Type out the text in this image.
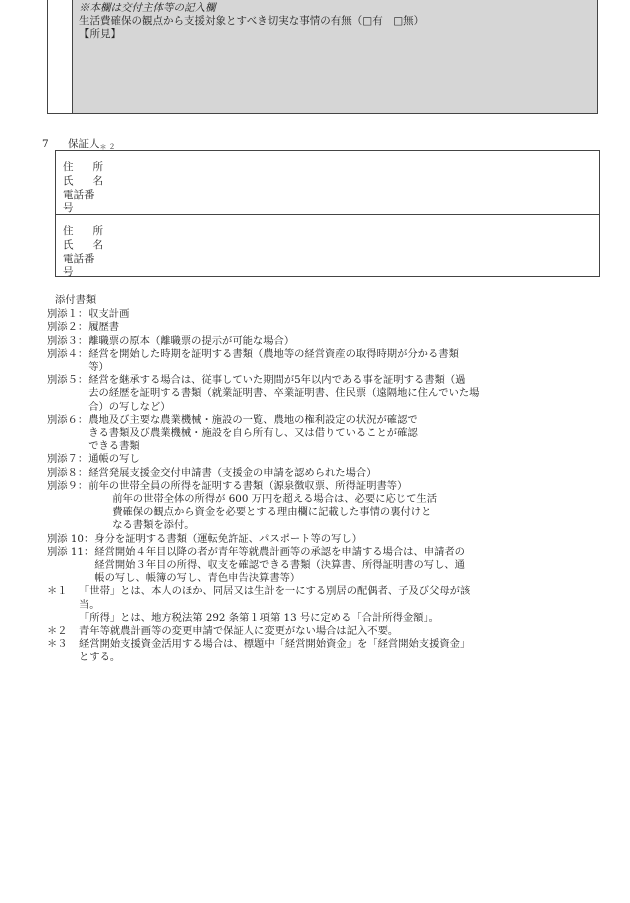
※本欄は交付主体等の記入欄
生活費確保の観点から支援対象とすべき切実な事情の有無（□有　□無）
【所見】
7 保証人$_{*2}$
住所
氏名
電話番号
住所
氏名
電話番号
添付書類
別添１： 収支計画
別添２： 履歴書
別添３： 離職票の原本（離職票の提示が可能な場合）
別添４： 経営を開始した時期を証明する書類（農地等の経営資産の取得時期が分かる書類
等）
別添５： 経営を継承する場合は、従事していた期間が5年以内である事を証明する書類（過
去の経歴を証明する書類（就業証明書、卒業証明書、住民票（遠隔地に住んでいた場
合）の写しなど）
別添６： 農地及び主要な農業機械・施設の一覧、農地の権利設定の状況が確認で
きる書類及び農業機械・施設を自ら所有し、又は借りていることが確認
できる書類
別添７： 通帳の写し
別添８： 経営発展支援金交付申請書（支援金の申請を認められた場合）
別添９： 前年の世帯全員の所得を証明する書類（源泉徴収票、所得証明書等）
前年の世帯全体の所得が 600 万円を超える場合は、必要に応じて生活
費確保の観点から資金を必要とする理由欄に記載した事情の裏付けと
なる書類を添付。
別添 10： 身分を証明する書類（運転免許証、パスポート等の写し）
別添 11： 経営開始４年目以降の者が青年等就農計画等の承認を申請する場合は、申請者の
経営開始３年目の所得、収支を確認できる書類（決算書、所得証明書の写し、通
帳の写し、帳簿の写し、青色申告決算書等）
＊１	「世帯」とは、本人のほか、同居又は生計を一にする別居の配偶者、子及び父母が該
当。
「所得」とは、地方税法第 292 条第１項第 13 号に定める「合計所得金額」。
＊２	青年等就農計画等の変更申請で保証人に変更がない場合は記入不要。
＊３	経営開始支援資金活用する場合は、標題中「経営開始資金」を「経営開始支援資金」
とする。
